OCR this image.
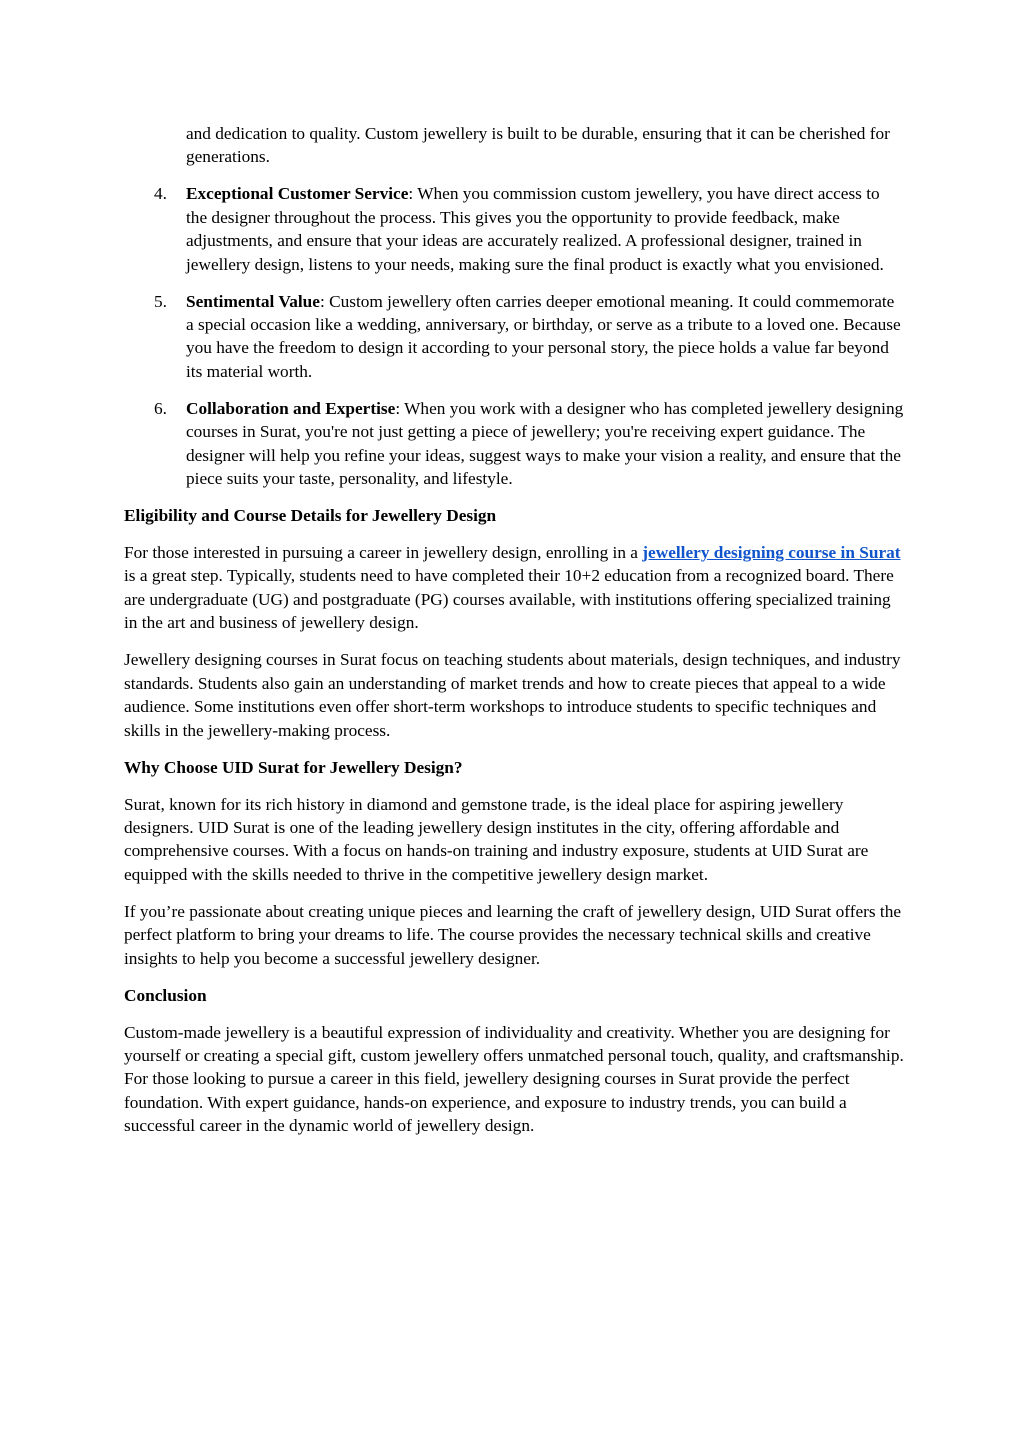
and dedication to quality. Custom jewellery is built to be durable, ensuring that it can be cherished for generations.
4. Exceptional Customer Service: When you commission custom jewellery, you have direct access to the designer throughout the process. This gives you the opportunity to provide feedback, make adjustments, and ensure that your ideas are accurately realized. A professional designer, trained in jewellery design, listens to your needs, making sure the final product is exactly what you envisioned.
5. Sentimental Value: Custom jewellery often carries deeper emotional meaning. It could commemorate a special occasion like a wedding, anniversary, or birthday, or serve as a tribute to a loved one. Because you have the freedom to design it according to your personal story, the piece holds a value far beyond its material worth.
6. Collaboration and Expertise: When you work with a designer who has completed jewellery designing courses in Surat, you're not just getting a piece of jewellery; you're receiving expert guidance. The designer will help you refine your ideas, suggest ways to make your vision a reality, and ensure that the piece suits your taste, personality, and lifestyle.

Eligibility and Course Details for Jewellery Design

For those interested in pursuing a career in jewellery design, enrolling in a jewellery designing course in Surat is a great step. Typically, students need to have completed their 10+2 education from a recognized board. There are undergraduate (UG) and postgraduate (PG) courses available, with institutions offering specialized training in the art and business of jewellery design.

Jewellery designing courses in Surat focus on teaching students about materials, design techniques, and industry standards. Students also gain an understanding of market trends and how to create pieces that appeal to a wide audience. Some institutions even offer short-term workshops to introduce students to specific techniques and skills in the jewellery-making process.

Why Choose UID Surat for Jewellery Design?

Surat, known for its rich history in diamond and gemstone trade, is the ideal place for aspiring jewellery designers. UID Surat is one of the leading jewellery design institutes in the city, offering affordable and comprehensive courses. With a focus on hands-on training and industry exposure, students at UID Surat are equipped with the skills needed to thrive in the competitive jewellery design market.

If you’re passionate about creating unique pieces and learning the craft of jewellery design, UID Surat offers the perfect platform to bring your dreams to life. The course provides the necessary technical skills and creative insights to help you become a successful jewellery designer.

Conclusion

Custom-made jewellery is a beautiful expression of individuality and creativity. Whether you are designing for yourself or creating a special gift, custom jewellery offers unmatched personal touch, quality, and craftsmanship. For those looking to pursue a career in this field, jewellery designing courses in Surat provide the perfect foundation. With expert guidance, hands-on experience, and exposure to industry trends, you can build a successful career in the dynamic world of jewellery design.
